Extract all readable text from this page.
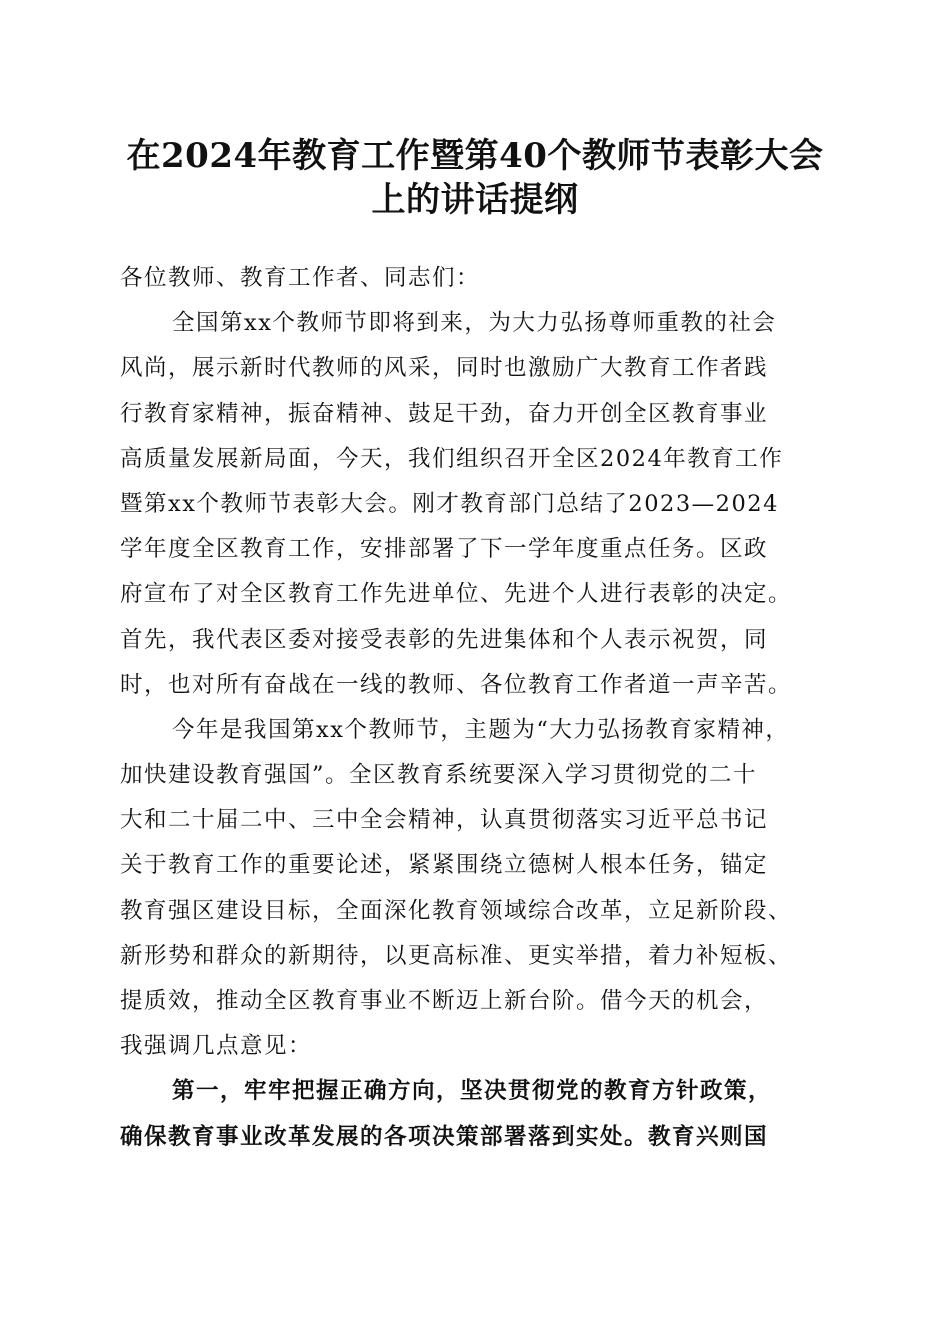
在2024年教育工作暨第40个教师节表彰大会
上的讲话提纲
各位教师、教育工作者、同志们：
全国第xx个教师节即将到来，为大力弘扬尊师重教的社会
风尚，展示新时代教师的风采，同时也激励广大教育工作者践
行教育家精神，振奋精神、鼓足干劲，奋力开创全区教育事业
高质量发展新局面，今天，我们组织召开全区2024年教育工作
暨第xx个教师节表彰大会。刚才教育部门总结了2023—2024
学年度全区教育工作，安排部署了下一学年度重点任务。区政
府宣布了对全区教育工作先进单位、先进个人进行表彰的决定。
首先，我代表区委对接受表彰的先进集体和个人表示祝贺，同
时，也对所有奋战在一线的教师、各位教育工作者道一声辛苦。
今年是我国第xx个教师节，主题为“大力弘扬教育家精神，
加快建设教育强国”。全区教育系统要深入学习贯彻党的二十
大和二十届二中、三中全会精神，认真贯彻落实习近平总书记
关于教育工作的重要论述，紧紧围绕立德树人根本任务，锚定
教育强区建设目标，全面深化教育领域综合改革，立足新阶段、
新形势和群众的新期待，以更高标准、更实举措，着力补短板、
提质效，推动全区教育事业不断迈上新台阶。借今天的机会，
我强调几点意见：
第一，牢牢把握正确方向，坚决贯彻党的教育方针政策，
确保教育事业改革发展的各项决策部署落到实处。教育兴则国
